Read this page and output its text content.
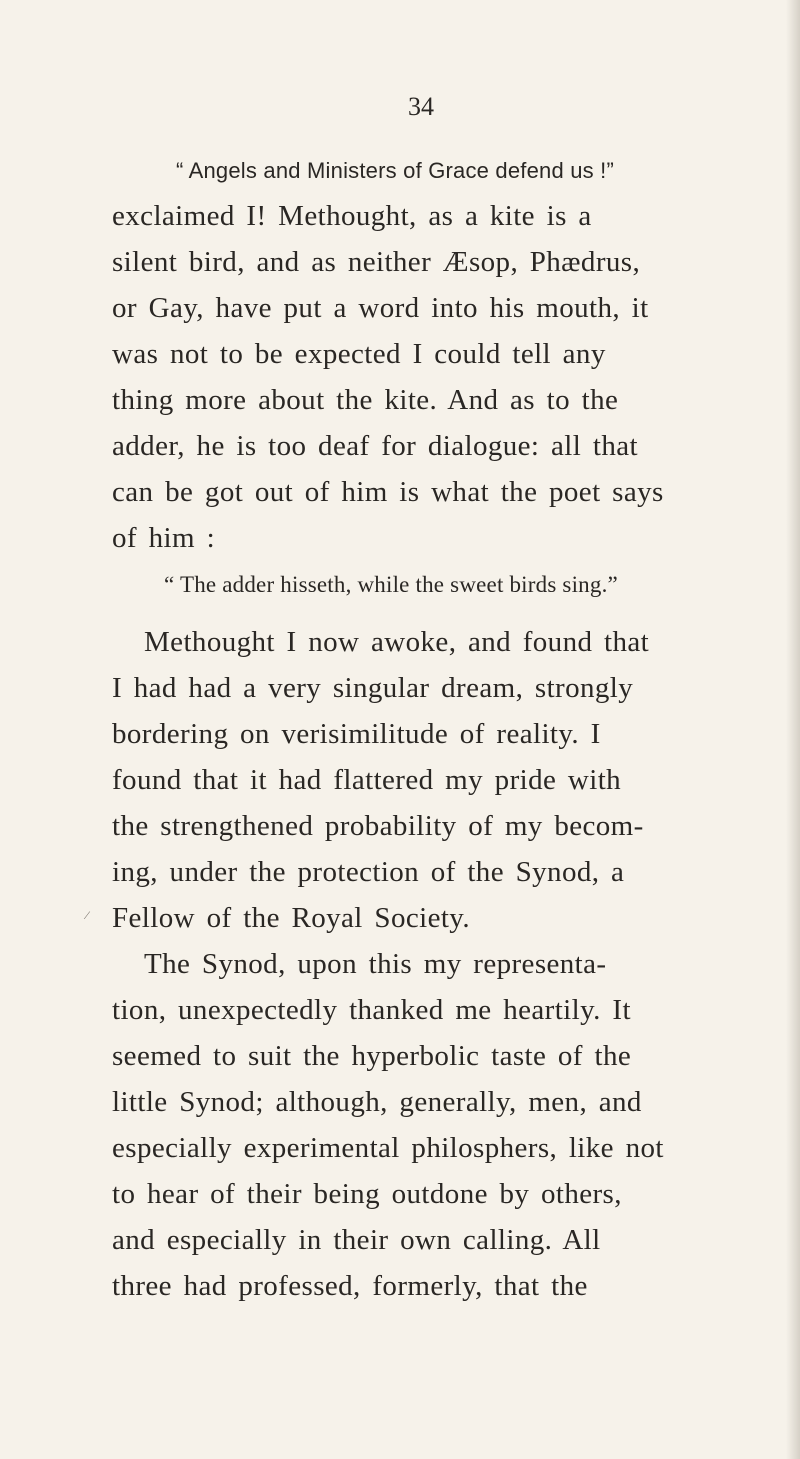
34
“ Angels and Ministers of Grace defend us !”
exclaimed I! Methought, as a kite is a
silent bird, and as neither Æsop, Phædrus,
or Gay, have put a word into his mouth, it
was not to be expected I could tell any
thing more about the kite. And as to the
adder, he is too deaf for dialogue: all that
can be got out of him is what the poet says
of him :
“ The adder hisseth, while the sweet birds sing.”
Methought I now awoke, and found that
I had had a very singular dream, strongly
bordering on verisimilitude of reality. I
found that it had flattered my pride with
the strengthened probability of my becom-
ing, under the protection of the Synod, a
⁄ Fellow of the Royal Society.
The Synod, upon this my representa-
tion, unexpectedly thanked me heartily. It
seemed to suit the hyperbolic taste of the
little Synod; although, generally, men, and
especially experimental philosphers, like not
to hear of their being outdone by others,
and especially in their own calling. All
three had professed, formerly, that the
